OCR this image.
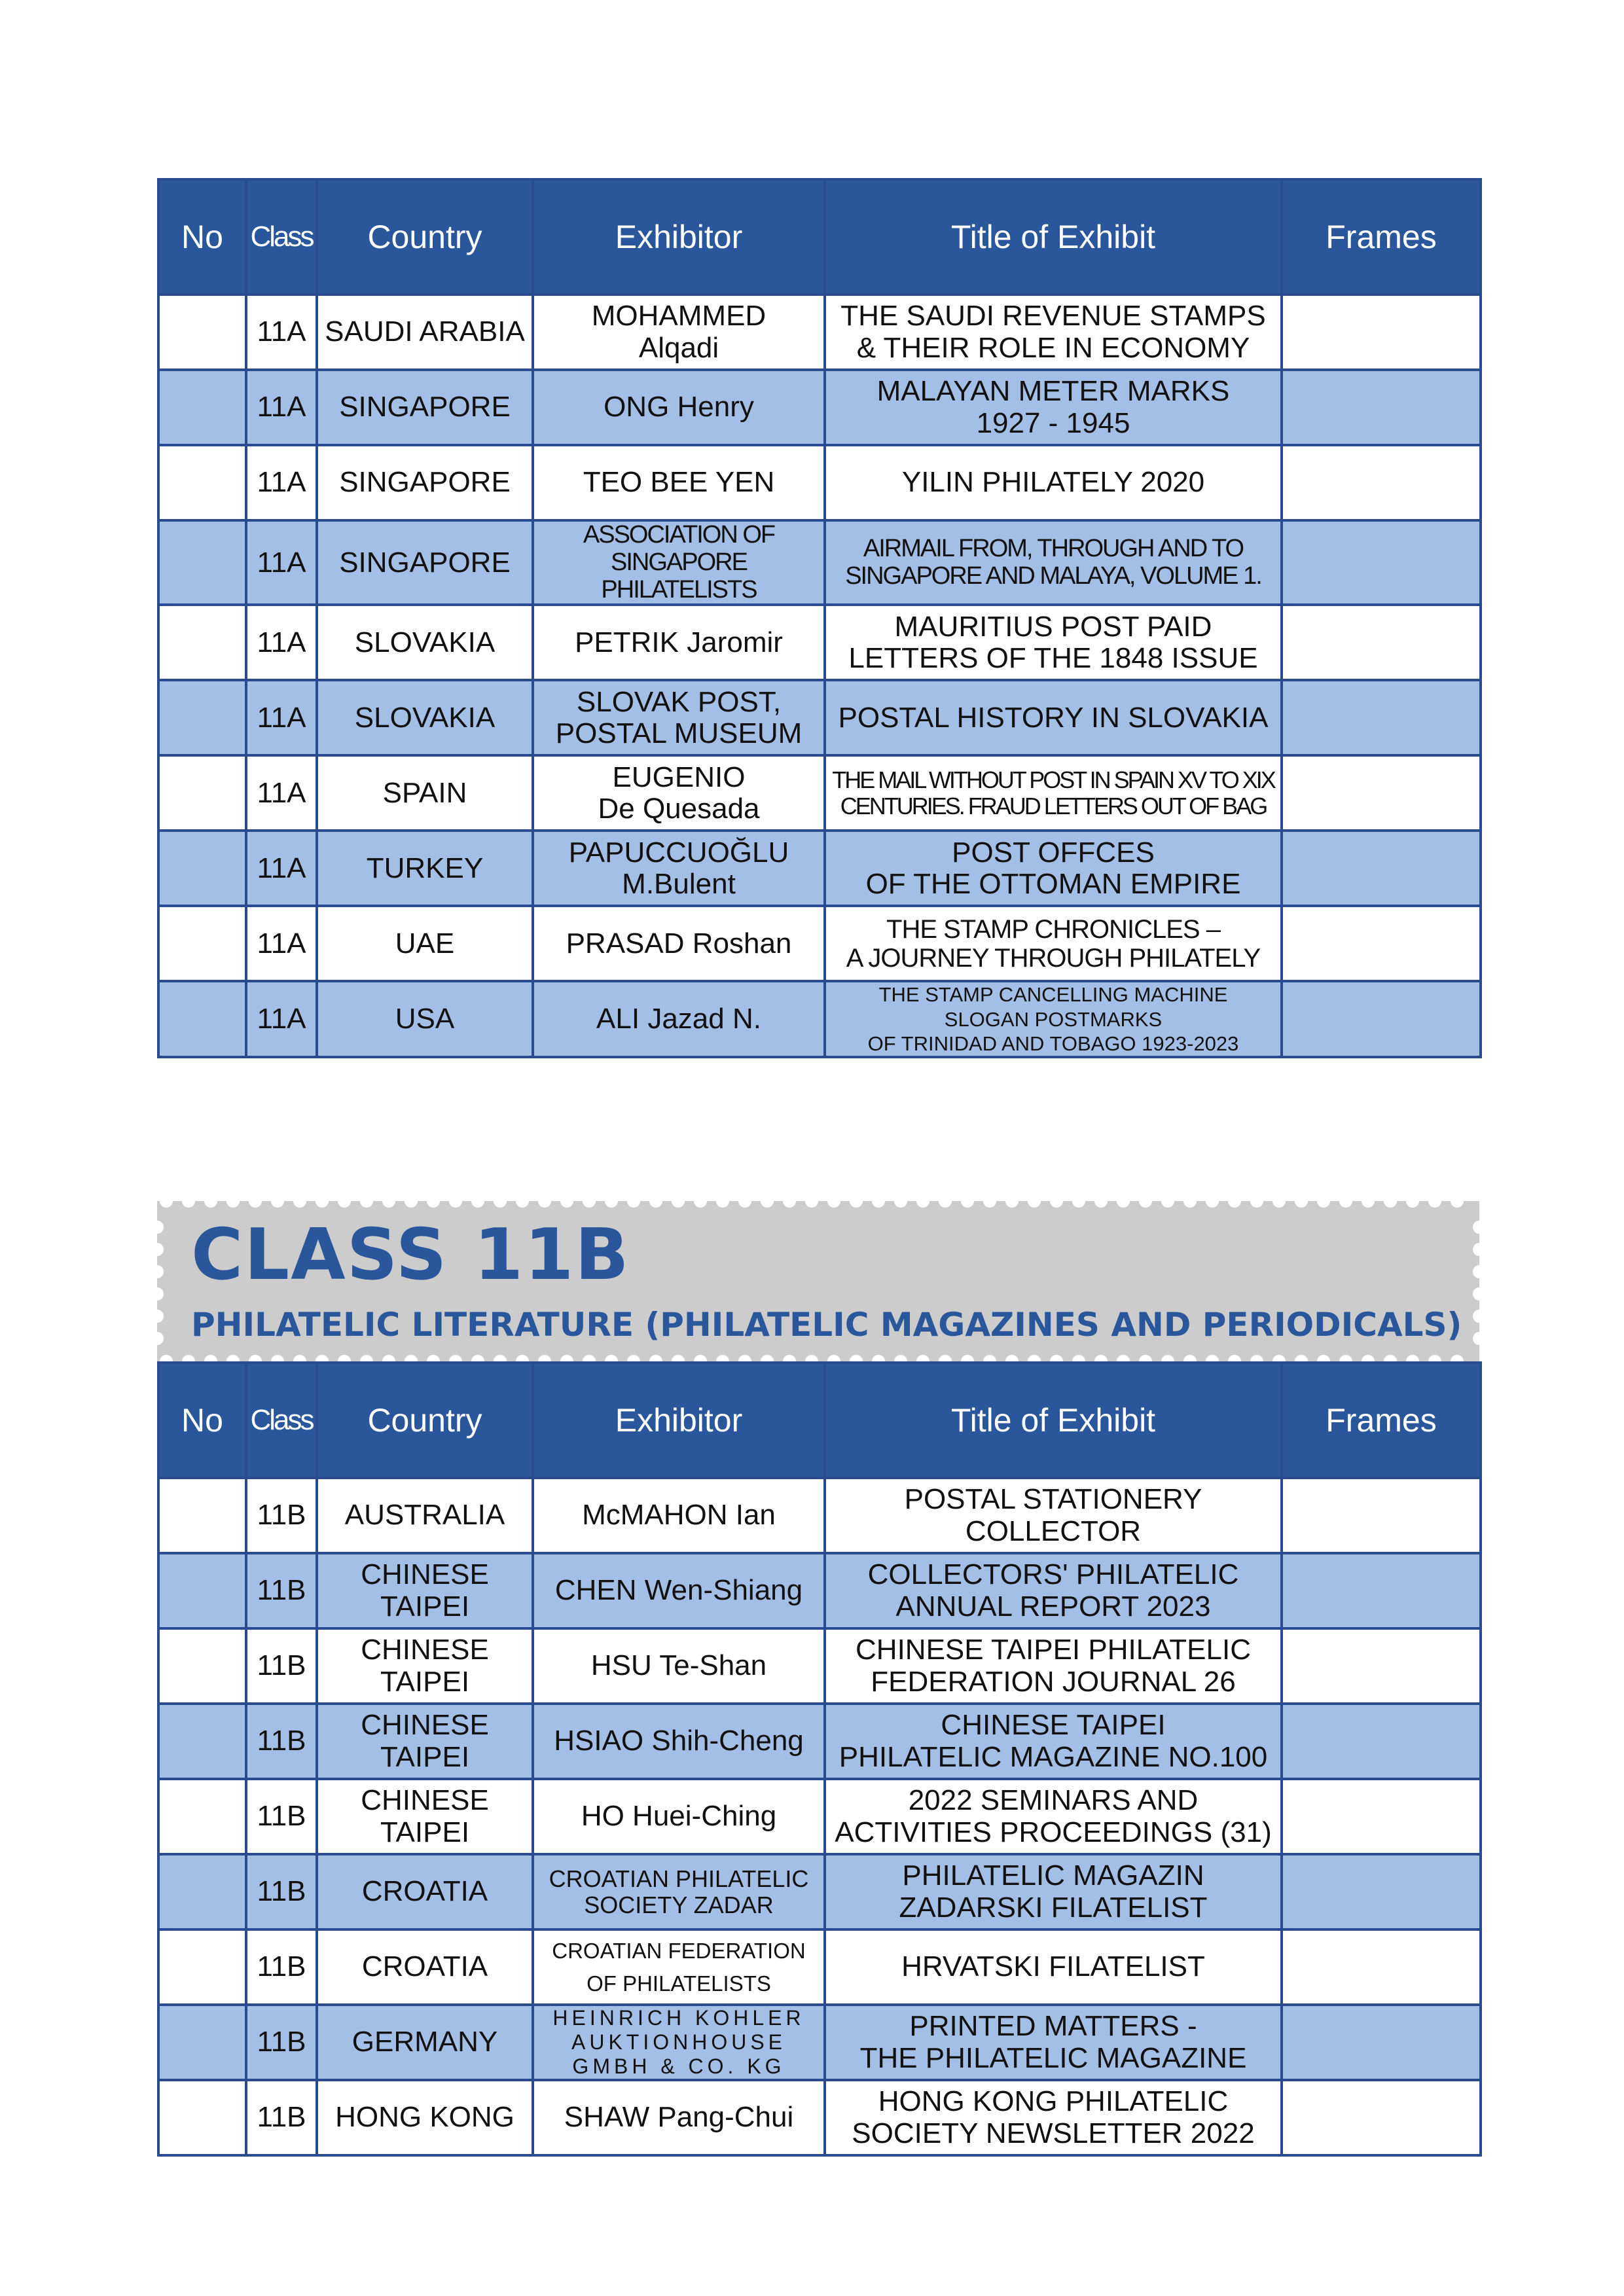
No	Class	Country	Exhibitor	Title of Exhibit	Frames
	11A	SAUDI ARABIA	MOHAMMED
Alqadi	THE SAUDI REVENUE STAMPS
& THEIR ROLE IN ECONOMY	
	11A	SINGAPORE	ONG Henry	MALAYAN METER MARKS
1927 - 1945	
	11A	SINGAPORE	TEO BEE YEN	YILIN PHILATELY 2020	
	11A	SINGAPORE	ASSOCIATION OF
SINGAPORE PHILATELISTS	AIRMAIL FROM, THROUGH AND TO
SINGAPORE AND MALAYA, VOLUME 1.	
	11A	SLOVAKIA	PETRIK Jaromir	MAURITIUS POST PAID
LETTERS OF THE 1848 ISSUE	
	11A	SLOVAKIA	SLOVAK POST,
POSTAL MUSEUM	POSTAL HISTORY IN SLOVAKIA	
	11A	SPAIN	EUGENIO
De Quesada	THE MAIL WITHOUT POST IN SPAIN XV TO XIX
CENTURIES. FRAUD LETTERS OUT OF BAG	
	11A	TURKEY	PAPUCCUOĞLU
M.Bulent	POST OFFCES
OF THE OTTOMAN EMPIRE	
	11A	UAE	PRASAD Roshan	THE STAMP CHRONICLES –
A JOURNEY THROUGH PHILATELY	
	11A	USA	ALI Jazad N.	THE STAMP CANCELLING MACHINE
SLOGAN POSTMARKS
OF TRINIDAD AND TOBAGO 1923-2023	
CLASS 11B
PHILATELIC LITERATURE (PHILATELIC MAGAZINES AND PERIODICALS)
No	Class	Country	Exhibitor	Title of Exhibit	Frames
	11B	AUSTRALIA	McMAHON Ian	POSTAL STATIONERY
COLLECTOR	
	11B	CHINESE
TAIPEI	CHEN Wen-Shiang	COLLECTORS' PHILATELIC
ANNUAL REPORT 2023	
	11B	CHINESE
TAIPEI	HSU Te-Shan	CHINESE TAIPEI PHILATELIC
FEDERATION JOURNAL 26	
	11B	CHINESE
TAIPEI	HSIAO Shih-Cheng	CHINESE TAIPEI
PHILATELIC MAGAZINE NO.100	
	11B	CHINESE
TAIPEI	HO Huei-Ching	2022 SEMINARS AND
ACTIVITIES PROCEEDINGS (31)	
	11B	CROATIA	CROATIAN PHILATELIC
SOCIETY ZADAR	PHILATELIC MAGAZIN
ZADARSKI FILATELIST	
	11B	CROATIA	CROATIAN FEDERATION
OF PHILATELISTS	HRVATSKI FILATELIST	
	11B	GERMANY	HEINRICH KOHLER
AUKTIONHOUSE
GMBH & CO. KG	PRINTED MATTERS -
THE PHILATELIC MAGAZINE	
	11B	HONG KONG	SHAW Pang-Chui	HONG KONG PHILATELIC
SOCIETY NEWSLETTER 2022	
